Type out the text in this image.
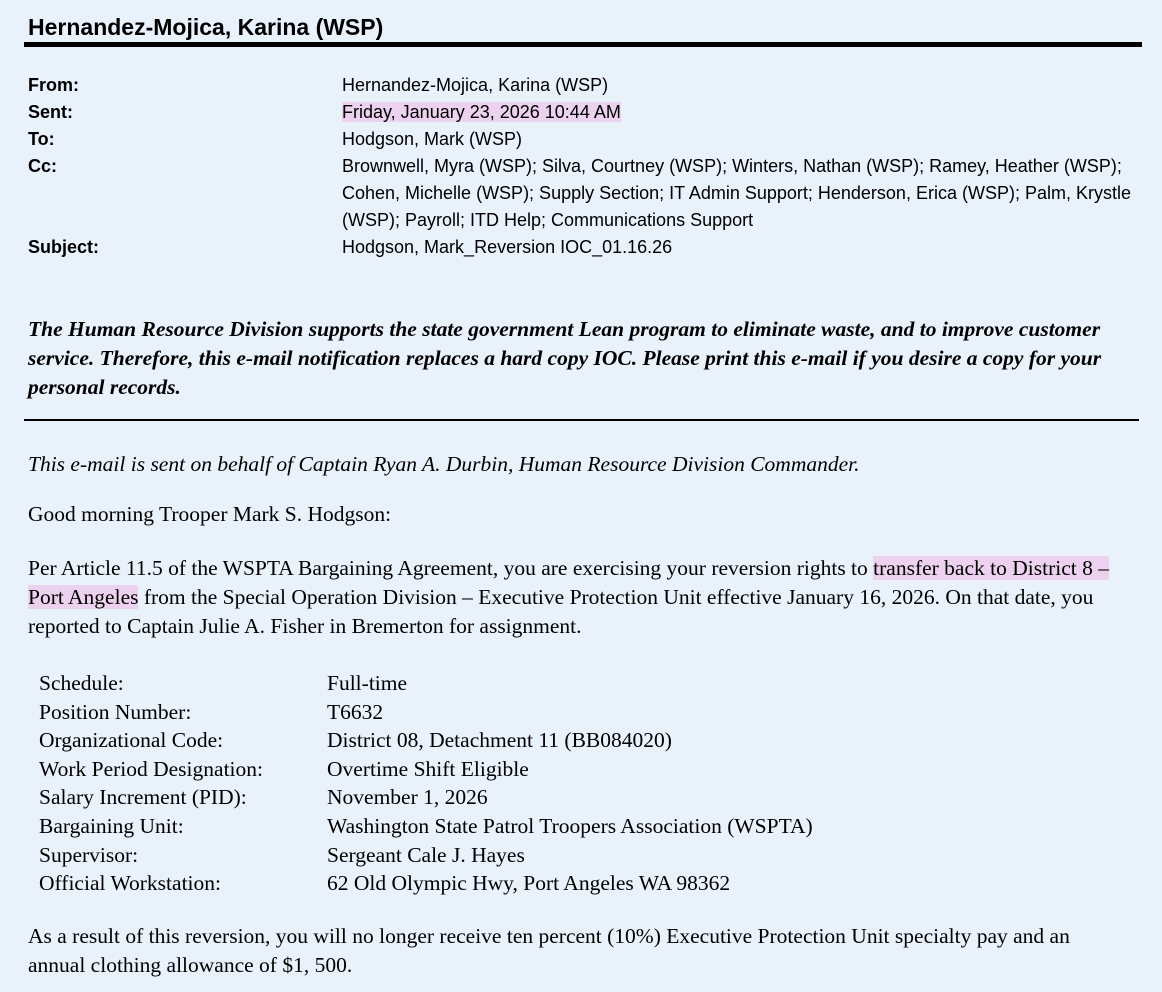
Hernandez-Mojica, Karina (WSP)
From:	Hernandez-Mojica, Karina (WSP)
Sent:	Friday, January 23, 2026 10:44 AM
To:	Hodgson, Mark (WSP)
Cc:	Brownwell, Myra (WSP); Silva, Courtney (WSP); Winters, Nathan (WSP); Ramey, Heather (WSP); Cohen, Michelle (WSP); Supply Section; IT Admin Support; Henderson, Erica (WSP); Palm, Krystle (WSP); Payroll; ITD Help; Communications Support
Subject:	Hodgson, Mark_Reversion IOC_01.16.26
The Human Resource Division supports the state government Lean program to eliminate waste, and to improve customer service. Therefore, this e-mail notification replaces a hard copy IOC. Please print this e-mail if you desire a copy for your personal records.
This e-mail is sent on behalf of Captain Ryan A. Durbin, Human Resource Division Commander.
Good morning Trooper Mark S. Hodgson:
Per Article 11.5 of the WSPTA Bargaining Agreement, you are exercising your reversion rights to transfer back to District 8 – Port Angeles from the Special Operation Division – Executive Protection Unit effective January 16, 2026. On that date, you reported to Captain Julie A. Fisher in Bremerton for assignment.
Schedule:	Full-time
Position Number:	T6632
Organizational Code:	District 08, Detachment 11 (BB084020)
Work Period Designation:	Overtime Shift Eligible
Salary Increment (PID):	November 1, 2026
Bargaining Unit:	Washington State Patrol Troopers Association (WSPTA)
Supervisor:	Sergeant Cale J. Hayes
Official Workstation:	62 Old Olympic Hwy, Port Angeles WA 98362
As a result of this reversion, you will no longer receive ten percent (10%) Executive Protection Unit specialty pay and an annual clothing allowance of $1, 500.
